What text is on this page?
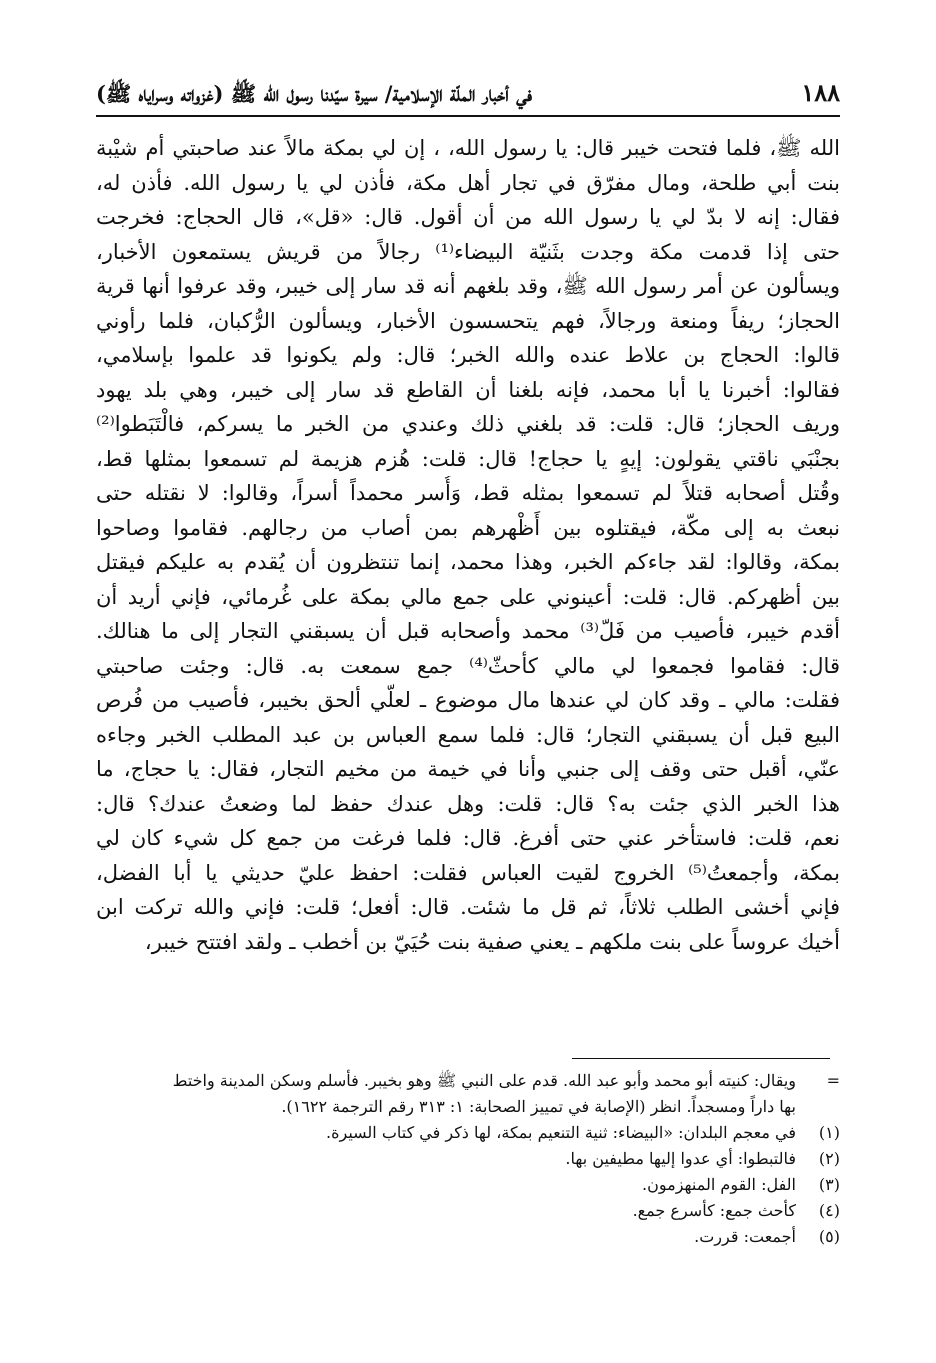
١٨٨
في أخبار الملّة الإسلامية/ سيرة سيّدنا رسول الله ﷺ (غزواته وسراياه ﷺ)
الله ﷺ، فلما فتحت خيبر قال: يا رسول الله، ، إن لي بمكة مالاً عند صاحبتي أم شيْبة
بنت أبي طلحة، ومال مفرّق في تجار أهل مكة، فأذن لي يا رسول الله. فأذن له،
فقال: إنه لا بدّ لي يا رسول الله من أن أقول. قال: «قل»، قال الحجاج: فخرجت
حتى إذا قدمت مكة وجدت بثَنيّة البيضاء⁽¹⁾ رجالاً من قريش يستمعون الأخبار،
ويسألون عن أمر رسول الله ﷺ، وقد بلغهم أنه قد سار إلى خيبر، وقد عرفوا أنها قرية
الحجاز؛ ريفاً ومنعة ورجالاً، فهم يتحسسون الأخبار، ويسألون الرُّكبان، فلما رأوني
قالوا: الحجاج بن علاط عنده والله الخبر؛ قال: ولم يكونوا قد علموا بإسلامي،
فقالوا: أخبرنا يا أبا محمد، فإنه بلغنا أن القاطع قد سار إلى خيبر، وهي بلد يهود
وريف الحجاز؛ قال: قلت: قد بلغني ذلك وعندي من الخبر ما يسركم، فالْتَبَطوا⁽²⁾
بجنْبَي ناقتي يقولون: إيهٍ يا حجاج! قال: قلت: هُزم هزيمة لم تسمعوا بمثلها قط،
وقُتل أصحابه قتلاً لم تسمعوا بمثله قط، وَأُسر محمداً أسراً، وقالوا: لا نقتله حتى
نبعث به إلى مكّة، فيقتلوه بين أَظْهرهم بمن أصاب من رجالهم. فقاموا وصاحوا
بمكة، وقالوا: لقد جاءكم الخبر، وهذا محمد، إنما تنتظرون أن يُقدم به عليكم فيقتل
بين أظهركم. قال: قلت: أعينوني على جمع مالي بمكة على غُرمائي، فإني أريد أن
أقدم خيبر، فأصيب من فَلّ⁽³⁾ محمد وأصحابه قبل أن يسبقني التجار إلى ما هنالك.
قال: فقاموا فجمعوا لي مالي كأحثّ⁽⁴⁾ جمع سمعت به. قال: وجئت صاحبتي
فقلت: مالي ـ وقد كان لي عندها مال موضوع ـ لعلّي ألحق بخيبر، فأصيب من فُرص
البيع قبل أن يسبقني التجار؛ قال: فلما سمع العباس بن عبد المطلب الخبر وجاءه
عنّي، أقبل حتى وقف إلى جنبي وأنا في خيمة من مخيم التجار، فقال: يا حجاج، ما
هذا الخبر الذي جئت به؟ قال: قلت: وهل عندك حفظ لما وضعتُ عندك؟ قال:
نعم، قلت: فاستأخر عني حتى أفرغ. قال: فلما فرغت من جمع كل شيء كان لي
بمكة، وأجمعتُ⁽⁵⁾ الخروج لقيت العباس فقلت: احفظ عليّ حديثي يا أبا الفضل،
فإني أخشى الطلب ثلاثاً، ثم قل ما شئت. قال: أفعل؛ قلت: فإني والله تركت ابن
أخيك عروساً على بنت ملكهم ـ يعني صفية بنت حُيَيّ بن أخطب ـ ولقد افتتح خيبر،
=
ويقال: كنيته أبو محمد وأبو عبد الله. قدم على النبي ﷺ وهو بخيبر. فأسلم وسكن المدينة واختط
بها داراً ومسجداً. انظر (الإصابة في تمييز الصحابة: ١: ٣١٣ رقم الترجمة ١٦٢٢).
(١)
في معجم البلدان: «البيضاء: ثنية التنعيم بمكة، لها ذكر في كتاب السيرة.
(٢)
فالتبطوا: أي عدوا إليها مطيفين بها.
(٣)
الفل: القوم المنهزمون.
(٤)
كأحث جمع: كأسرع جمع.
(٥)
أجمعت: قررت.
